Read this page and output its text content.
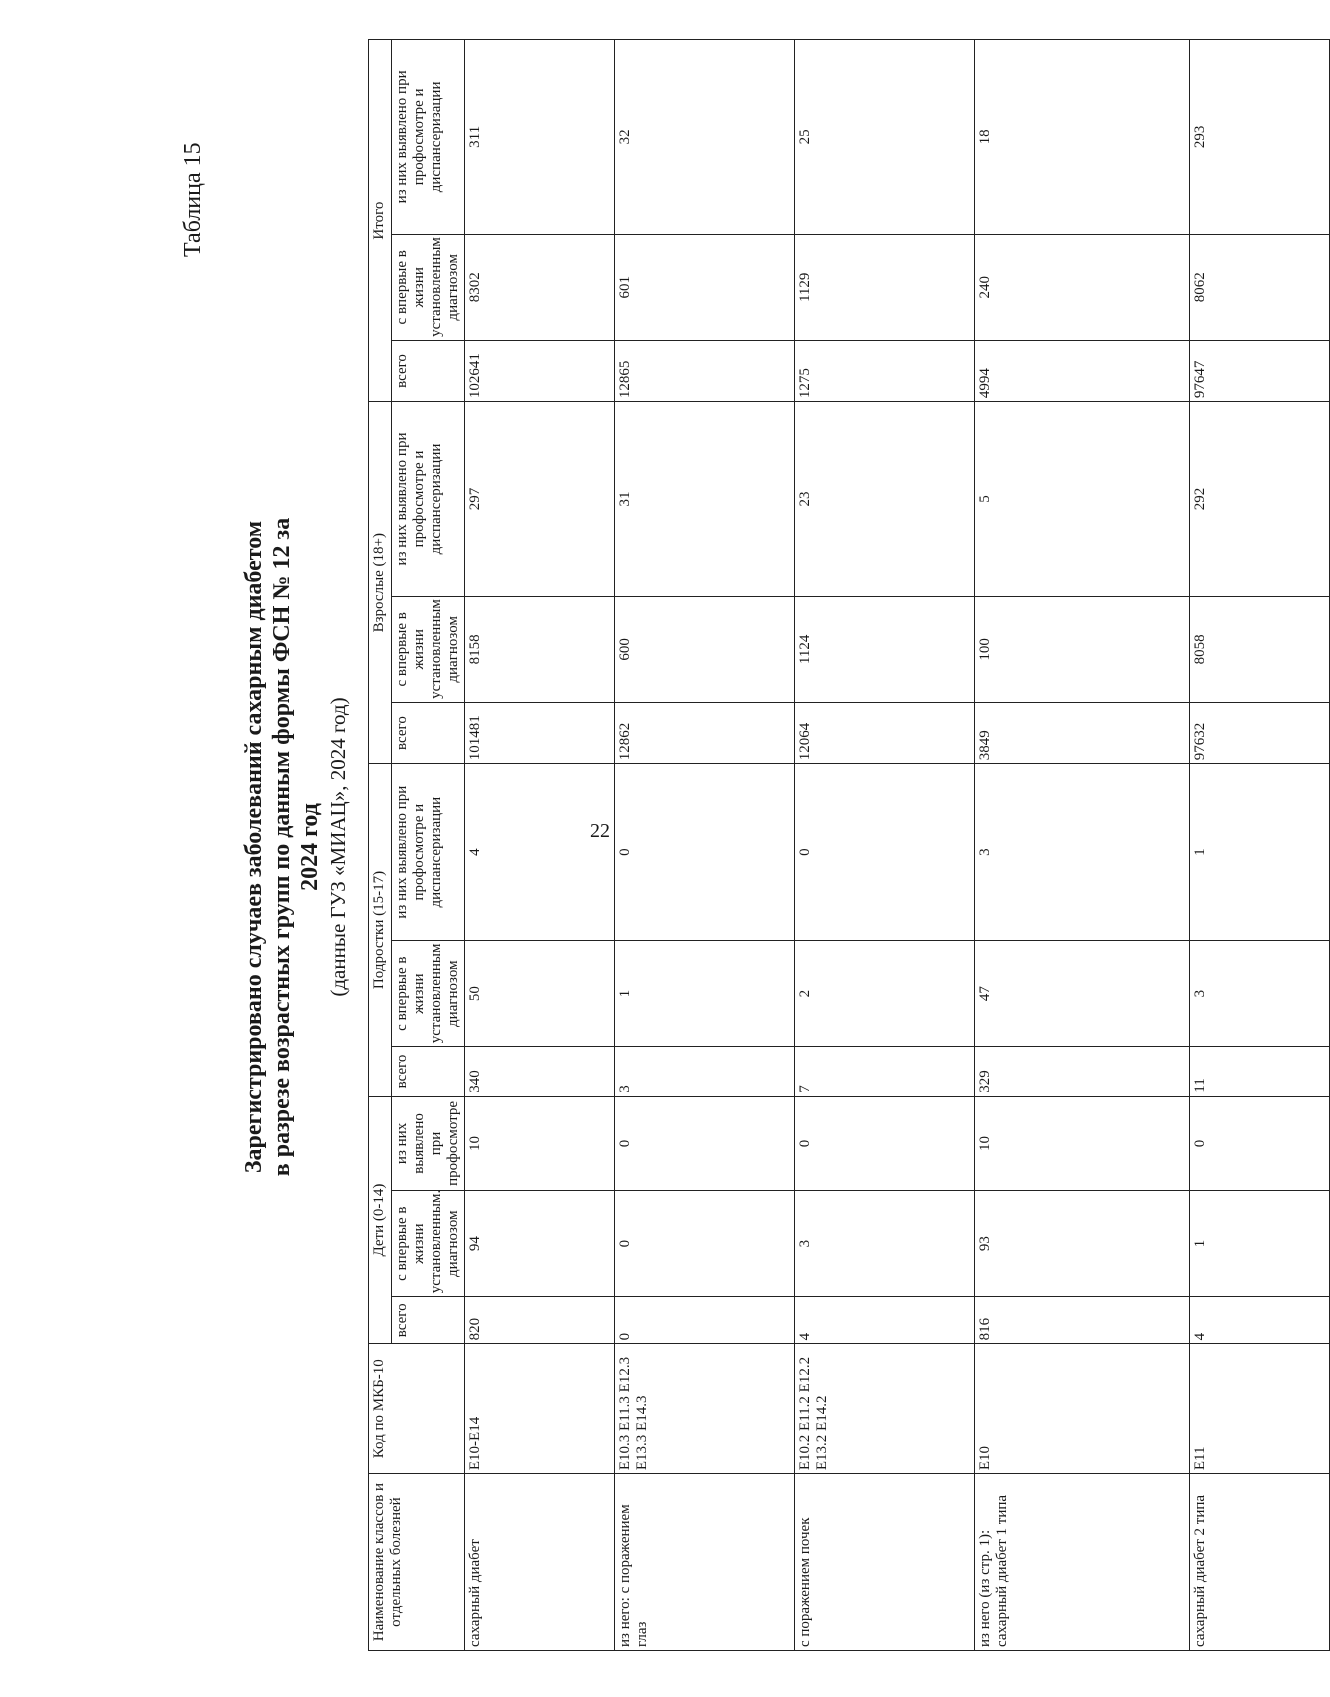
22
Таблица 15
Зарегистрировано случаев заболеваний сахарным диабетом в разрезе возрастных групп по данным формы ФСН № 12 за 2024 год (данные ГУЗ «МИАЦ», 2024 год)
Наименование классов и отдельных болезней	Код по МКБ-10	Дети (0-14)			Подростки (15-17)			Взрослые (18+)			Итого		
		всего	с впервые в жизни установленным. диагнозом	из них выявлено при профосмотре	всего	с впервые в жизни установленным диагнозом	из них выявлено при профосмотре и диспансеризации	всего	с впервые в жизни установленным диагнозом	из них выявлено при профосмотре и диспансеризации	всего	с впервые в жизни установленным диагнозом	из них выявлено при профосмотре и диспансеризации
сахарный диабет	E10-E14	820	94	10	340	50	4	101481	8158	297	102641	8302	311
из него: с поражением глаз	E10.3 E11.3 E12.3 E13.3 E14.3	0	0	0	3	1	0	12862	600	31	12865	601	32
с поражением почек	E10.2 E11.2 E12.2 E13.2 E14.2	4	3	0	7	2	0	12064	1124	23	1275	1129	25
из него (из стр. 1): сахарный диабет 1 типа	E10	816	93	10	329	47	3	3849	100	5	4994	240	18
сахарный диабет 2 типа	E11	4	1	0	11	3	1	97632	8058	292	97647	8062	293
